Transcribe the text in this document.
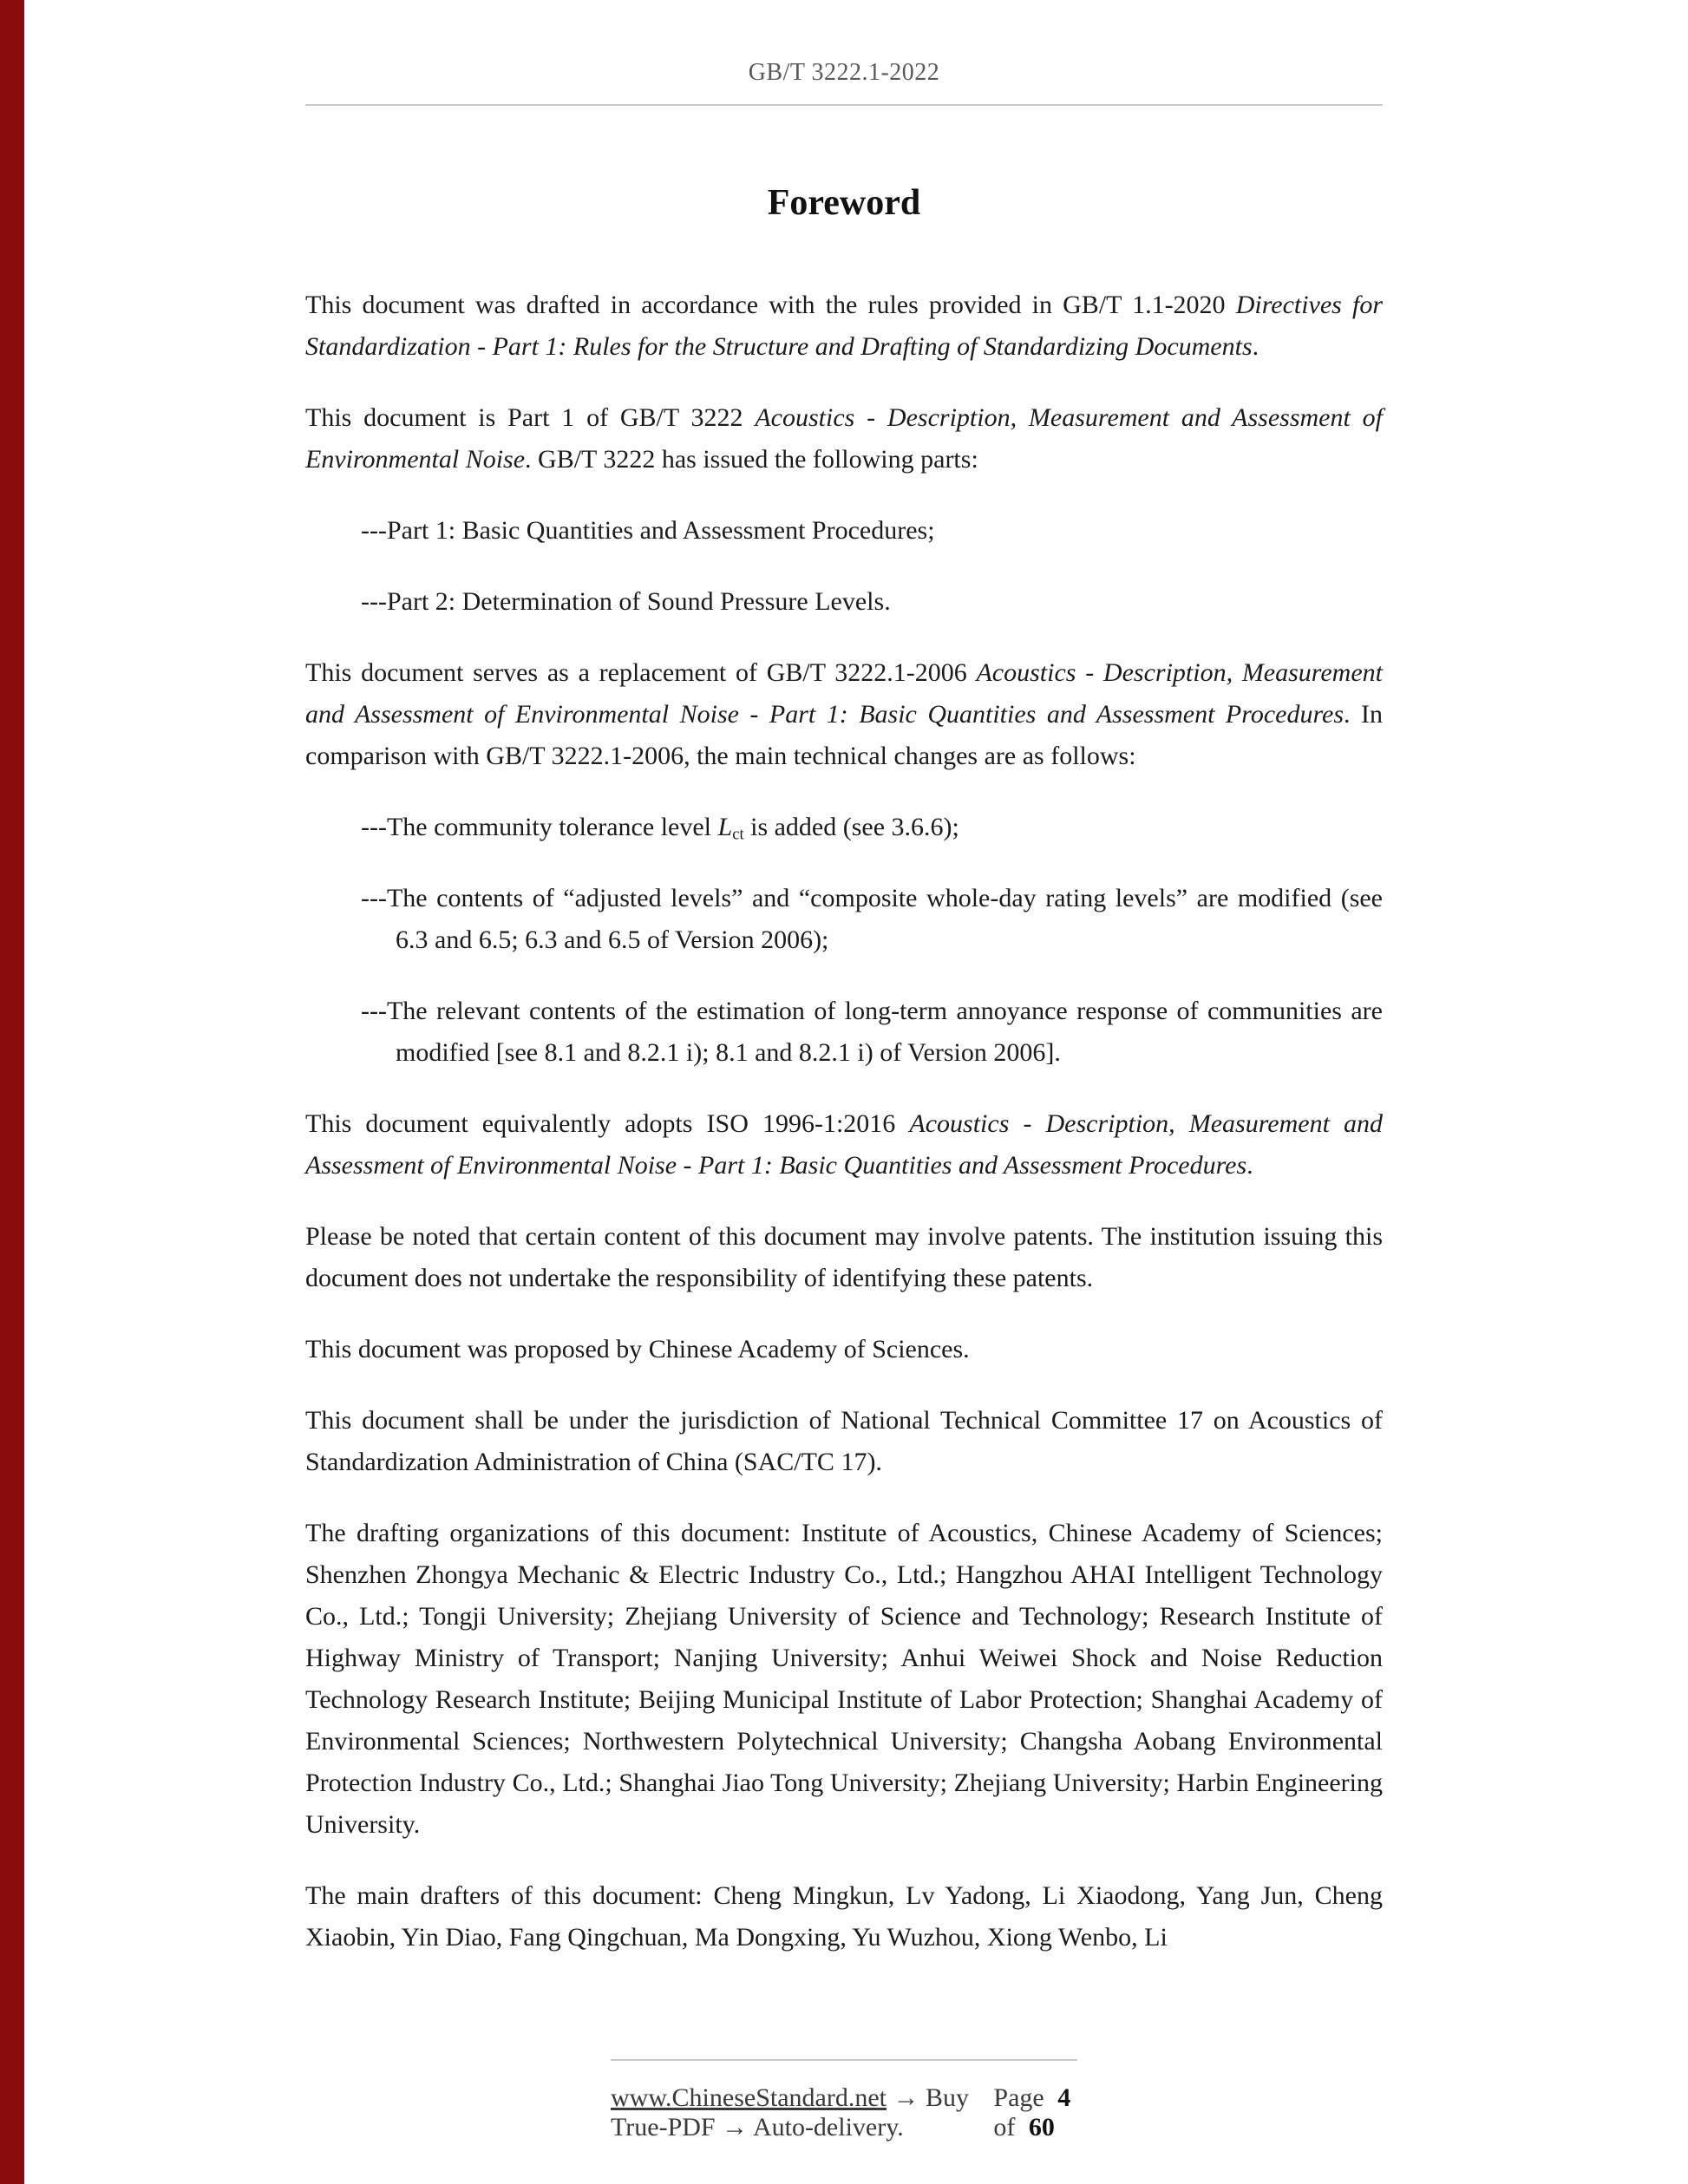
GB/T 3222.1-2022
Foreword

This document was drafted in accordance with the rules provided in GB/T 1.1-2020 Directives for Standardization - Part 1: Rules for the Structure and Drafting of Standardizing Documents.

This document is Part 1 of GB/T 3222 Acoustics - Description, Measurement and Assessment of Environmental Noise. GB/T 3222 has issued the following parts:

---Part 1: Basic Quantities and Assessment Procedures;

---Part 2: Determination of Sound Pressure Levels.

This document serves as a replacement of GB/T 3222.1-2006 Acoustics - Description, Measurement and Assessment of Environmental Noise - Part 1: Basic Quantities and Assessment Procedures. In comparison with GB/T 3222.1-2006, the main technical changes are as follows:

---The community tolerance level $L_{ct}$ is added (see 3.6.6);

---The contents of “adjusted levels” and “composite whole-day rating levels” are modified (see 6.3 and 6.5; 6.3 and 6.5 of Version 2006);

---The relevant contents of the estimation of long-term annoyance response of communities are modified [see 8.1 and 8.2.1 i); 8.1 and 8.2.1 i) of Version 2006].

This document equivalently adopts ISO 1996-1:2016 Acoustics - Description, Measurement and Assessment of Environmental Noise - Part 1: Basic Quantities and Assessment Procedures.

Please be noted that certain content of this document may involve patents. The institution issuing this document does not undertake the responsibility of identifying these patents.

This document was proposed by Chinese Academy of Sciences.

This document shall be under the jurisdiction of National Technical Committee 17 on Acoustics of Standardization Administration of China (SAC/TC 17).

The drafting organizations of this document: Institute of Acoustics, Chinese Academy of Sciences; Shenzhen Zhongya Mechanic & Electric Industry Co., Ltd.; Hangzhou AHAI Intelligent Technology Co., Ltd.; Tongji University; Zhejiang University of Science and Technology; Research Institute of Highway Ministry of Transport; Nanjing University; Anhui Weiwei Shock and Noise Reduction Technology Research Institute; Beijing Municipal Institute of Labor Protection; Shanghai Academy of Environmental Sciences; Northwestern Polytechnical University; Changsha Aobang Environmental Protection Industry Co., Ltd.; Shanghai Jiao Tong University; Zhejiang University; Harbin Engineering University.

The main drafters of this document: Cheng Mingkun, Lv Yadong, Li Xiaodong, Yang Jun, Cheng Xiaobin, Yin Diao, Fang Qingchuan, Ma Dongxing, Yu Wuzhou, Xiong Wenbo, Li

www.ChineseStandard.net → Buy True-PDF → Auto-delivery.
Page 4 of 60
